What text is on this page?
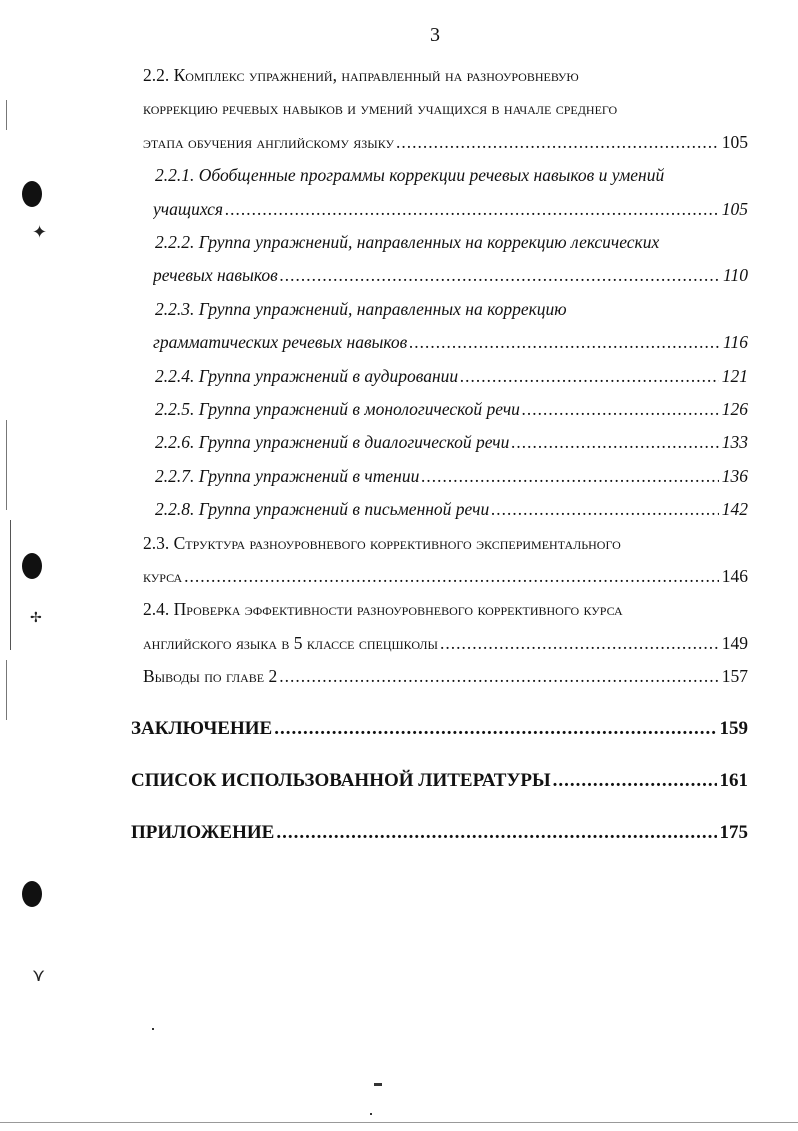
3
2.2. Комплекс упражнений, направленный на разноуровневую
коррекцию речевых навыков и умений учащихся в начале среднего
этапа обучения английскому языку .....	105
2.2.1. Обобщенные программы коррекции речевых навыков и умений
учащихся .....	105
2.2.2. Группа упражнений, направленных на коррекцию лексических
речевых навыков .....	110
2.2.3. Группа упражнений, направленных на коррекцию
грамматических речевых навыков .....	116
2.2.4. Группа упражнений в аудировании .....	121
2.2.5. Группа упражнений в монологической речи .....	126
2.2.6. Группа упражнений в диалогической речи .....	133
2.2.7. Группа упражнений в чтении .....	136
2.2.8. Группа упражнений в письменной речи .....	142
2.3. Структура разноуровневого коррективного экспериментального
курса .....	146
2.4. Проверка эффективности разноуровневого коррективного курса
английского языка в 5 классе спецшколы .....	149
Выводы по главе 2 .....	157
ЗАКЛЮЧЕНИЕ .....	159
СПИСОК ИСПОЛЬЗОВАННОЙ ЛИТЕРАТУРЫ .....	161
ПРИЛОЖЕНИЕ .....	175
✦
✢
⋎
